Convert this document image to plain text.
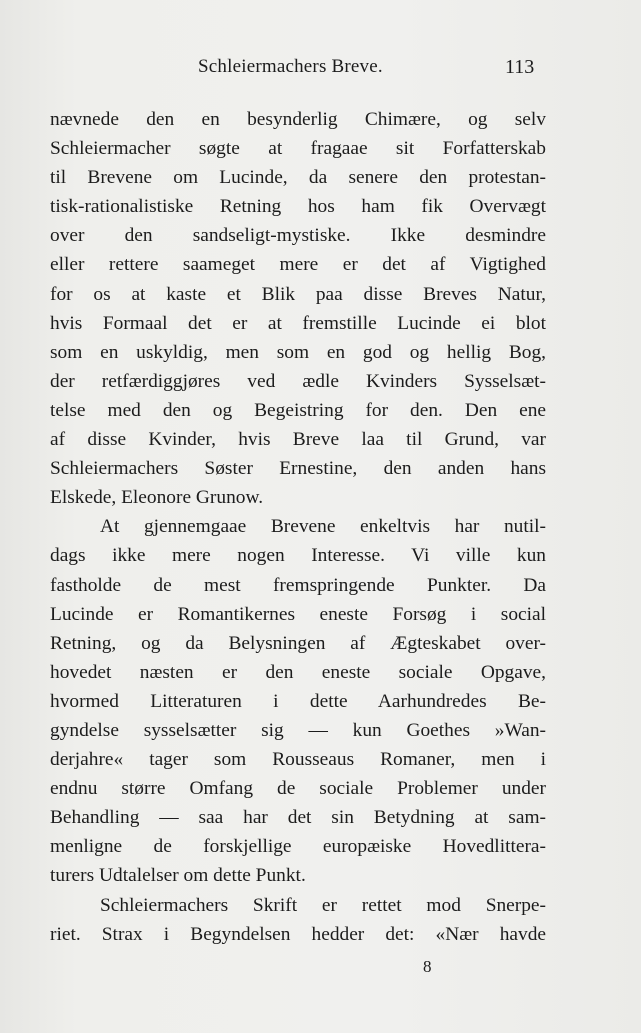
Schleiermachers Breve.	113
nævnede den en besynderlig Chimære, og selv
Schleiermacher søgte at fragaae sit Forfatterskab
til Brevene om Lucinde, da senere den protestan-
tisk-rationalistiske Retning hos ham fik Overvægt
over den sandseligt-mystiske. Ikke desmindre
eller rettere saameget mere er det af Vigtighed
for os at kaste et Blik paa disse Breves Natur,
hvis Formaal det er at fremstille Lucinde ei blot
som en uskyldig, men som en god og hellig Bog,
der retfærdiggjøres ved ædle Kvinders Sysselsæt-
telse med den og Begeistring for den. Den ene
af disse Kvinder, hvis Breve laa til Grund, var
Schleiermachers Søster Ernestine, den anden hans
Elskede, Eleonore Grunow.
At gjennemgaae Brevene enkeltvis har nutil-
dags ikke mere nogen Interesse. Vi ville kun
fastholde de mest fremspringende Punkter. Da
Lucinde er Romantikernes eneste Forsøg i social
Retning, og da Belysningen af Ægteskabet over-
hovedet næsten er den eneste sociale Opgave,
hvormed Litteraturen i dette Aarhundredes Be-
gyndelse sysselsætter sig — kun Goethes »Wan-
derjahre« tager som Rousseaus Romaner, men i
endnu større Omfang de sociale Problemer under
Behandling — saa har det sin Betydning at sam-
menligne de forskjellige europæiske Hovedlittera-
turers Udtalelser om dette Punkt.
Schleiermachers Skrift er rettet mod Snerpe-
riet. Strax i Begyndelsen hedder det: «Nær havde
8
